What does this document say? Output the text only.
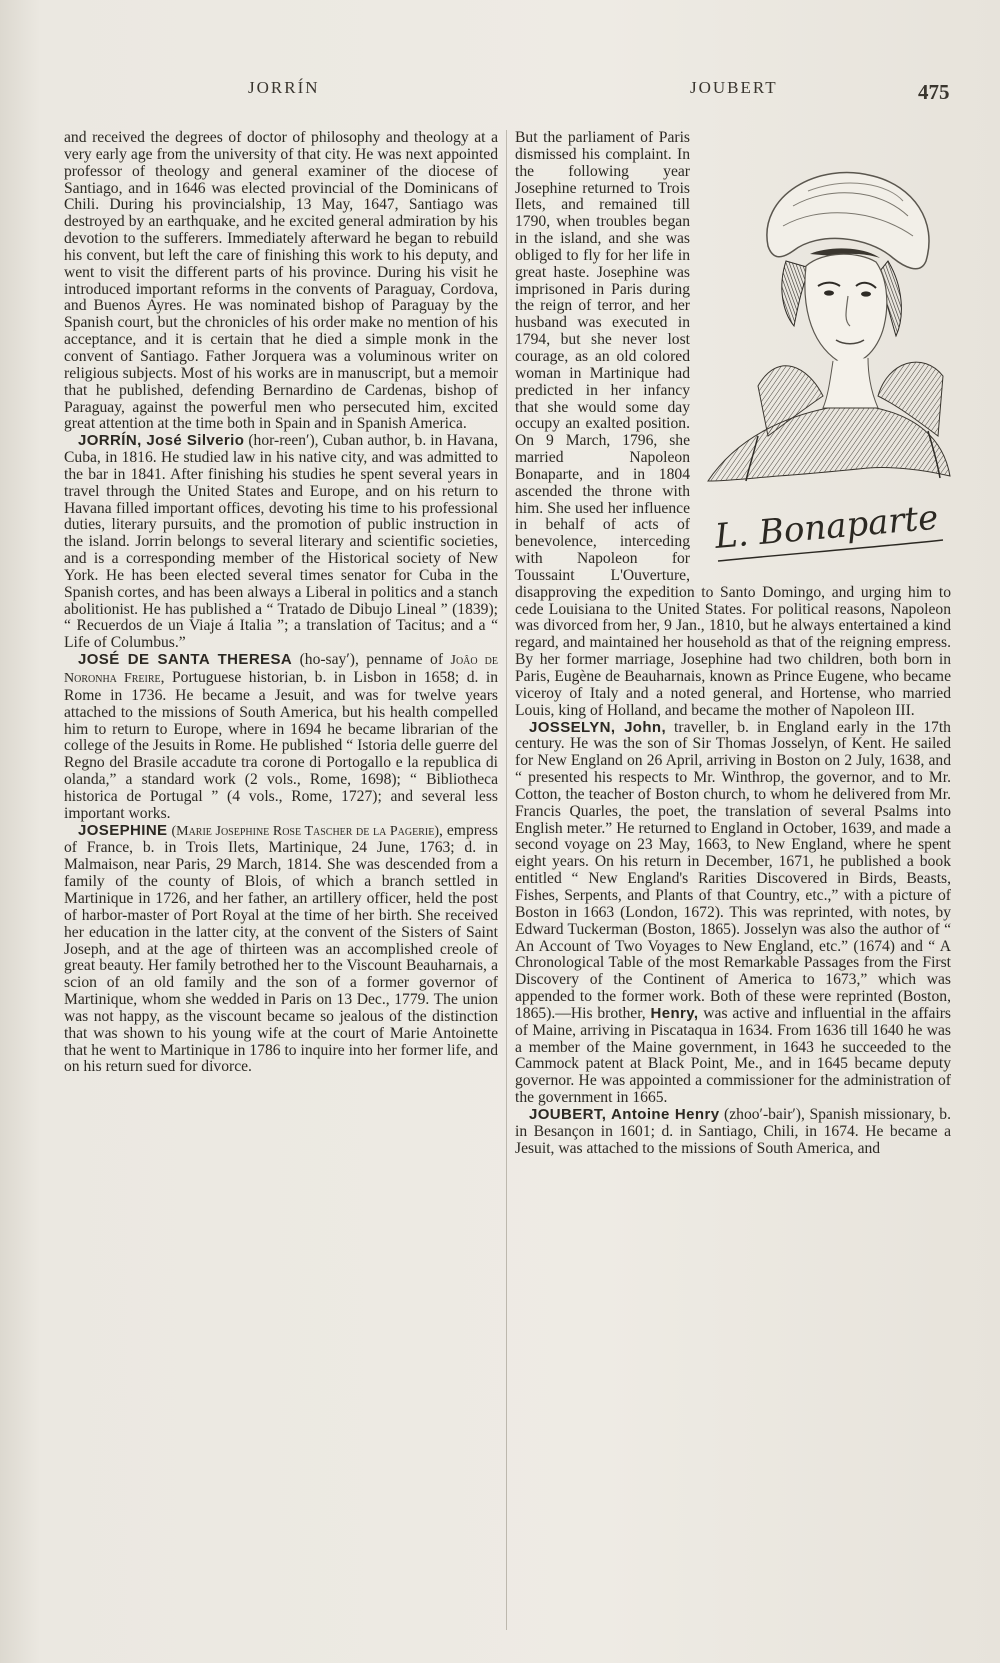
JORRÍN	JOUBERT	475

and received the degrees of doctor of philosophy and theology at a very early age from the university of that city. He was next appointed professor of theology and general examiner of the diocese of Santiago, and in 1646 was elected provincial of the Dominicans of Chili. During his provincialship, 13 May, 1647, Santiago was destroyed by an earthquake, and he excited general admiration by his devotion to the sufferers. Immediately afterward he began to rebuild his convent, but left the care of finishing this work to his deputy, and went to visit the different parts of his province. During his visit he introduced important reforms in the convents of Paraguay, Cordova, and Buenos Ayres. He was nominated bishop of Paraguay by the Spanish court, but the chronicles of his order make no mention of his acceptance, and it is certain that he died a simple monk in the convent of Santiago. Father Jorquera was a voluminous writer on religious subjects. Most of his works are in manuscript, but a memoir that he published, defending Bernardino de Cardenas, bishop of Paraguay, against the powerful men who persecuted him, excited great attention at the time both in Spain and in Spanish America.

JORRÍN, José Silverio (hor-reen′), Cuban author, b. in Havana, Cuba, in 1816. He studied law in his native city, and was admitted to the bar in 1841. After finishing his studies he spent several years in travel through the United States and Europe, and on his return to Havana filled important offices, devoting his time to his professional duties, literary pursuits, and the promotion of public instruction in the island. Jorrin belongs to several literary and scientific societies, and is a corresponding member of the Historical society of New York. He has been elected several times senator for Cuba in the Spanish cortes, and has been always a Liberal in politics and a stanch abolitionist. He has published a “ Tratado de Dibujo Lineal ” (1839); “ Recuerdos de un Viaje á Italia ”; a translation of Tacitus; and a “ Life of Columbus.”

JOSÉ DE SANTA THERESA (ho-say′), penname of Joâo de Noronha Freire, Portuguese historian, b. in Lisbon in 1658; d. in Rome in 1736. He became a Jesuit, and was for twelve years attached to the missions of South America, but his health compelled him to return to Europe, where in 1694 he became librarian of the college of the Jesuits in Rome. He published “ Istoria delle guerre del Regno del Brasile accadute tra corone di Portogallo e la republica di olanda,” a standard work (2 vols., Rome, 1698); “ Bibliotheca historica de Portugal ” (4 vols., Rome, 1727); and several less important works.

JOSEPHINE (Marie Josephine Rose Tascher de la Pagerie), empress of France, b. in Trois Ilets, Martinique, 24 June, 1763; d. in Malmaison, near Paris, 29 March, 1814. She was descended from a family of the county of Blois, of which a branch settled in Martinique in 1726, and her father, an artillery officer, held the post of harbor-master of Port Royal at the time of her birth. She received her education in the latter city, at the convent of the Sisters of Saint Joseph, and at the age of thirteen was an accomplished creole of great beauty. Her family betrothed her to the Viscount Beauharnais, a scion of an old family and the son of a former governor of Martinique, whom she wedded in Paris on 13 Dec., 1779. The union was not happy, as the viscount became so jealous of the distinction that was shown to his young wife at the court of Marie Antoinette that he went to Martinique in 1786 to inquire into her former life, and on his return sued for divorce.

L. Bonaparte
But the parliament of Paris dismissed his complaint. In the following year Josephine returned to Trois Ilets, and remained till 1790, when troubles began in the island, and she was obliged to fly for her life in great haste. Josephine was imprisoned in Paris during the reign of terror, and her husband was executed in 1794, but she never lost courage, as an old colored woman in Martinique had predicted in her infancy that she would some day occupy an exalted position. On 9 March, 1796, she married Napoleon Bonaparte, and in 1804 ascended the throne with him. She used her influence in behalf of acts of benevolence, interceding with Napoleon for Toussaint L'Ouverture, disapproving the expedition to Santo Domingo, and urging him to cede Louisiana to the United States. For political reasons, Napoleon was divorced from her, 9 Jan., 1810, but he always entertained a kind regard, and maintained her household as that of the reigning empress. By her former marriage, Josephine had two children, both born in Paris, Eugène de Beauharnais, known as Prince Eugene, who became viceroy of Italy and a noted general, and Hortense, who married Louis, king of Holland, and became the mother of Napoleon III.

JOSSELYN, John, traveller, b. in England early in the 17th century. He was the son of Sir Thomas Josselyn, of Kent. He sailed for New England on 26 April, arriving in Boston on 2 July, 1638, and “ presented his respects to Mr. Winthrop, the governor, and to Mr. Cotton, the teacher of Boston church, to whom he delivered from Mr. Francis Quarles, the poet, the translation of several Psalms into English meter.” He returned to England in October, 1639, and made a second voyage on 23 May, 1663, to New England, where he spent eight years. On his return in December, 1671, he published a book entitled “ New England's Rarities Discovered in Birds, Beasts, Fishes, Serpents, and Plants of that Country, etc.,” with a picture of Boston in 1663 (London, 1672). This was reprinted, with notes, by Edward Tuckerman (Boston, 1865). Josselyn was also the author of “ An Account of Two Voyages to New England, etc.” (1674) and “ A Chronological Table of the most Remarkable Passages from the First Discovery of the Continent of America to 1673,” which was appended to the former work. Both of these were reprinted (Boston, 1865).—His brother, Henry, was active and influential in the affairs of Maine, arriving in Piscataqua in 1634. From 1636 till 1640 he was a member of the Maine government, in 1643 he succeeded to the Cammock patent at Black Point, Me., and in 1645 became deputy governor. He was appointed a commissioner for the administration of the government in 1665.

JOUBERT, Antoine Henry (zhoo′-bair′), Spanish missionary, b. in Besançon in 1601; d. in Santiago, Chili, in 1674. He became a Jesuit, was attached to the missions of South America, and
